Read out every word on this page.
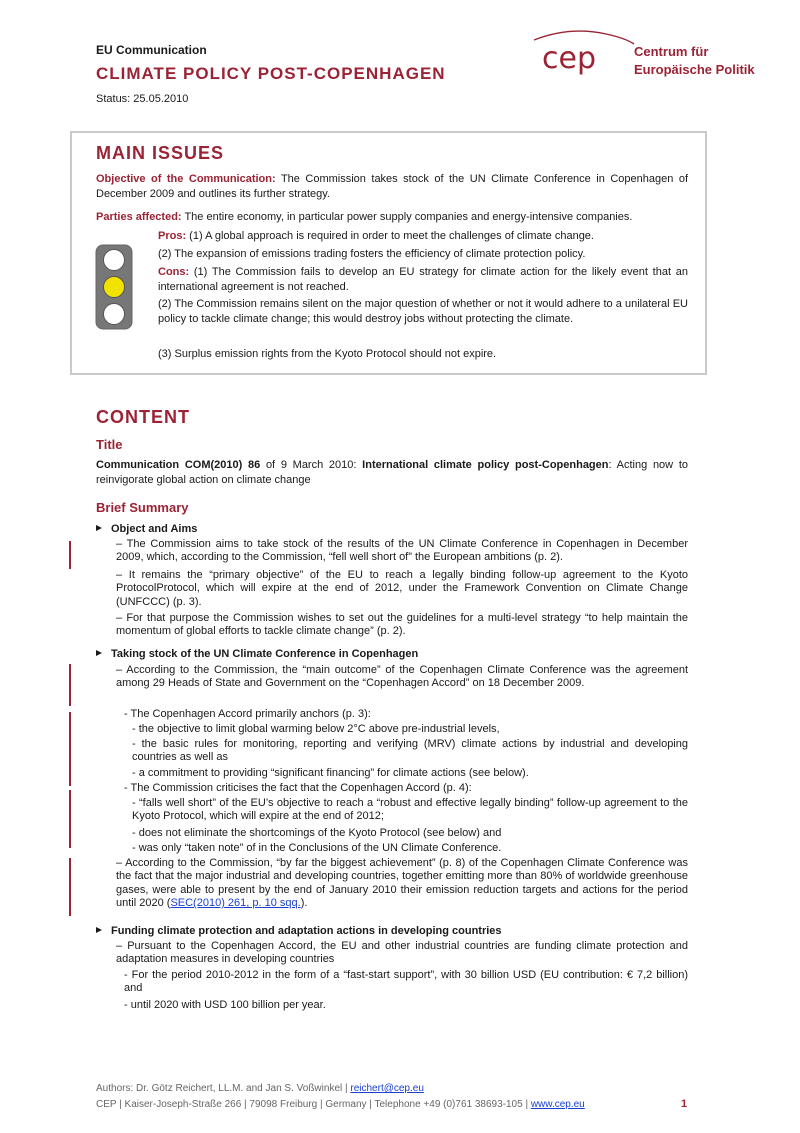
EU Communication
CLIMATE POLICY POST-COPENHAGEN
Status: 25.05.2010
cep	Centrum für
Europäische Politik
MAIN ISSUES
Objective of the Communication: The Commission takes stock of the UN Climate Conference in Copenhagen of December 2009 and outlines its further strategy.
Parties affected: The entire economy, in particular power supply companies and energy-intensive companies.
Pros: (1) A global approach is required in order to meet the challenges of climate change.
(2) The expansion of emissions trading fosters the efficiency of climate protection policy.
Cons: (1) The Commission fails to develop an EU strategy for climate action for the likely event that an international agreement is not reached.
(2) The Commission remains silent on the major question of whether or not it would adhere to a unilateral EU policy to tackle climate change; this would destroy jobs without protecting the climate.
(3) Surplus emission rights from the Kyoto Protocol should not expire.
CONTENT
Title
Communication COM(2010) 86 of 9 March 2010: International climate policy post-Copenhagen: Acting now to reinvigorate global action on climate change
Brief Summary
Object and Aims
– The Commission aims to take stock of the results of the UN Climate Conference in Copenhagen in December 2009, which, according to the Commission, “fell well short of” the European ambitions (p. 2).
– It remains the “primary objective” of the EU to reach a legally binding follow-up agreement to the Kyoto ProtocolProtocol, which will expire at the end of 2012, under the Framework Convention on Climate Change (UNFCCC) (p. 3).
– For that purpose the Commission wishes to set out the guidelines for a multi-level strategy “to help maintain the momentum of global efforts to tackle climate change” (p. 2).
Taking stock of the UN Climate Conference in Copenhagen
– According to the Commission, the “main outcome” of the Copenhagen Climate Conference was the agreement among 29 Heads of State and Government on the “Copenhagen Accord” on 18 December 2009.
- The Copenhagen Accord primarily anchors (p. 3):
- the objective to limit global warming below 2°C above pre-industrial levels,
- the basic rules for monitoring, reporting and verifying (MRV) climate actions by industrial and developing countries as well as
- a commitment to providing “significant financing” for climate actions (see below).
- The Commission criticises the fact that the Copenhagen Accord (p. 4):
- “falls well short” of the EU’s objective to reach a “robust and effective legally binding” follow-up agreement to the Kyoto Protocol, which will expire at the end of 2012;
- does not eliminate the shortcomings of the Kyoto Protocol (see below) and
- was only “taken note” of in the Conclusions of the UN Climate Conference.
– According to the Commission, “by far the biggest achievement” (p. 8) of the Copenhagen Climate Conference was the fact that the major industrial and developing countries, together emitting more than 80% of worldwide greenhouse gases, were able to present by the end of January 2010 their emission reduction targets and actions for the period until 2020 (SEC(2010) 261, p. 10 sqq.).
Funding climate protection and adaptation actions in developing countries
– Pursuant to the Copenhagen Accord, the EU and other industrial countries are funding climate protection and adaptation measures in developing countries
- For the period 2010-2012 in the form of a “fast-start support”, with 30 billion USD (EU contribution: € 7,2 billion) and
- until 2020 with USD 100 billion per year.
Authors: Dr. Götz Reichert, LL.M. and Jan S. Voßwinkel | reichert@cep.eu
CEP | Kaiser-Joseph-Straße 266 | 79098 Freiburg | Germany | Telephone +49 (0)761 38693-105 | www.cep.eu	1
